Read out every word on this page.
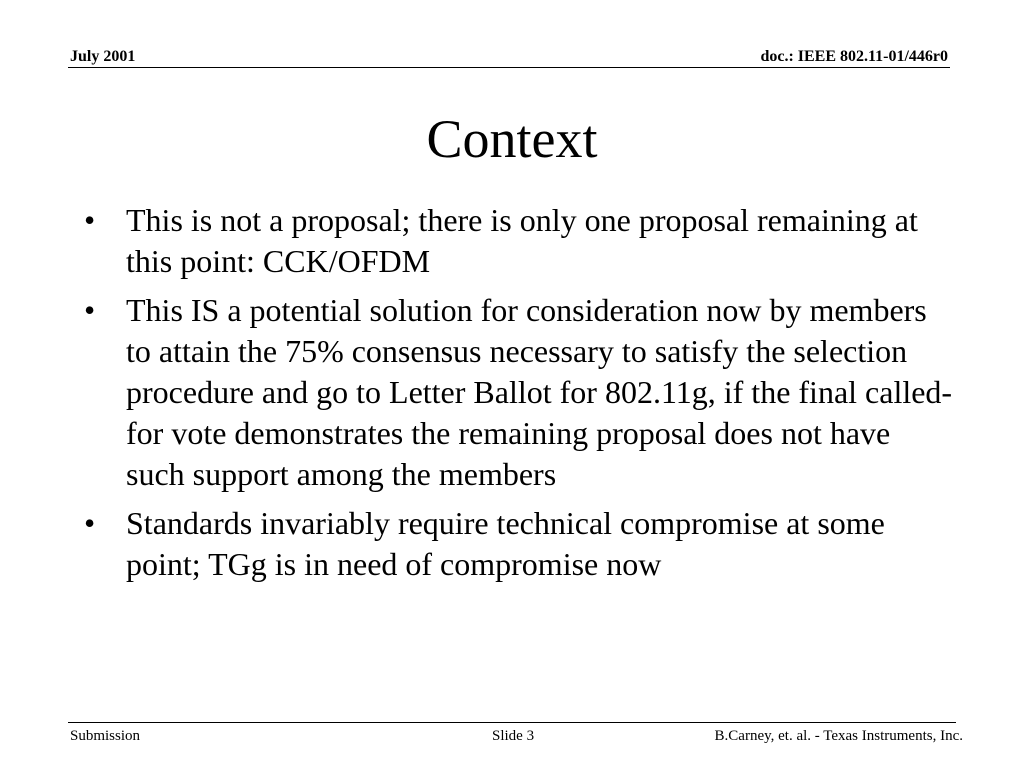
July 2001	doc.: IEEE 802.11-01/446r0
Context
• This is not a proposal; there is only one proposal remaining at this point: CCK/OFDM
• This IS a potential solution for consideration now by members to attain the 75% consensus necessary to satisfy the selection procedure and go to Letter Ballot for 802.11g, if the final called-for vote demonstrates the remaining proposal does not have such support among the members
• Standards invariably require technical compromise at some point; TGg is in need of compromise now
Submission	Slide 3	B.Carney, et. al. - Texas Instruments, Inc.
